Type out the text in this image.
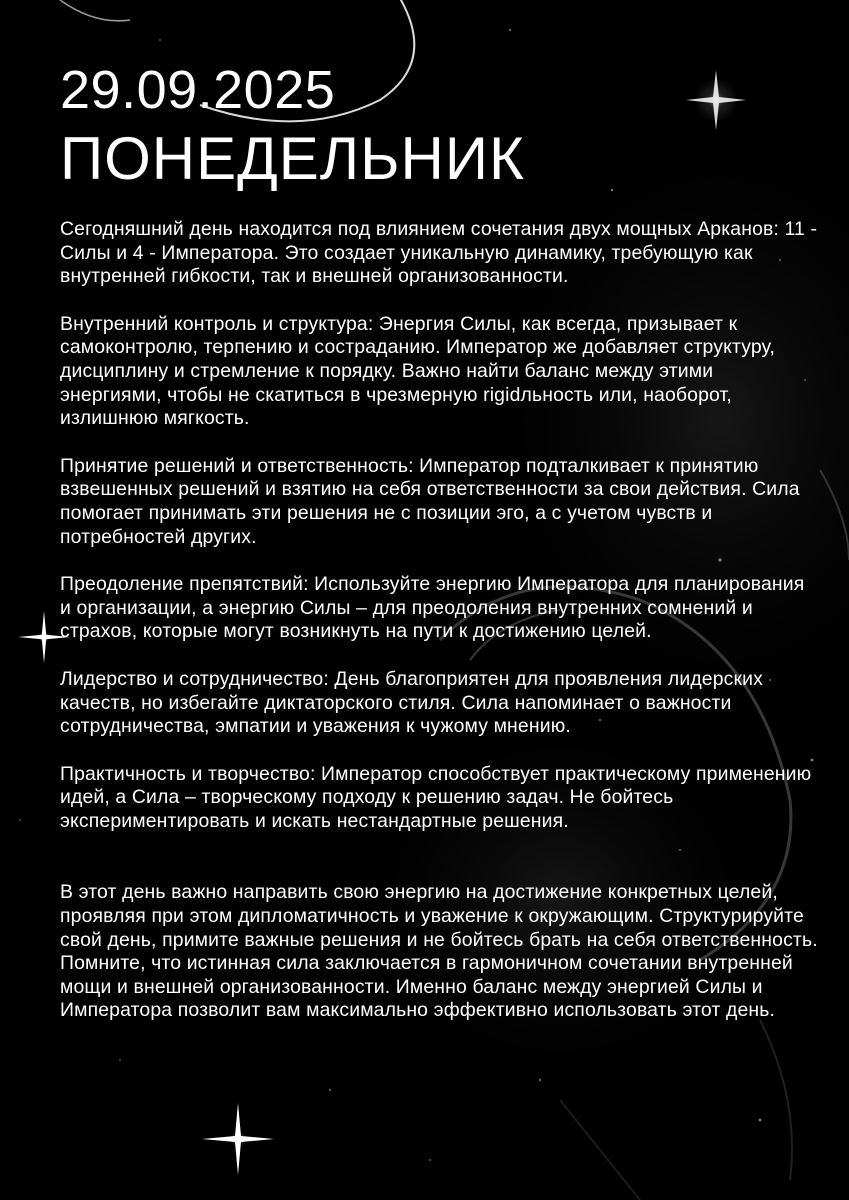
29.09.2025
ПОНЕДЕЛЬНИК

Сегодняшний день находится под влиянием сочетания двух мощных Арканов: 11 - Силы и 4 - Императора. Это создает уникальную динамику, требующую как внутренней гибкости, так и внешней организованности.

Внутренний контроль и структура: Энергия Силы, как всегда, призывает к самоконтролю, терпению и состраданию. Император же добавляет структуру, дисциплину и стремление к порядку. Важно найти баланс между этими энергиями, чтобы не скатиться в чрезмерную rigidльность или, наоборот, излишнюю мягкость.

Принятие решений и ответственность: Император подталкивает к принятию взвешенных решений и взятию на себя ответственности за свои действия. Сила помогает принимать эти решения не с позиции эго, а с учетом чувств и потребностей других.

Преодоление препятствий: Используйте энергию Императора для планирования и организации, а энергию Силы – для преодоления внутренних сомнений и страхов, которые могут возникнуть на пути к достижению целей.

Лидерство и сотрудничество: День благоприятен для проявления лидерских качеств, но избегайте диктаторского стиля. Сила напоминает о важности сотрудничества, эмпатии и уважения к чужому мнению.

Практичность и творчество: Император способствует практическому применению идей, а Сила – творческому подходу к решению задач. Не бойтесь экспериментировать и искать нестандартные решения.

В этот день важно направить свою энергию на достижение конкретных целей, проявляя при этом дипломатичность и уважение к окружающим. Структурируйте свой день, примите важные решения и не бойтесь брать на себя ответственность. Помните, что истинная сила заключается в гармоничном сочетании внутренней мощи и внешней организованности. Именно баланс между энергией Силы и Императора позволит вам максимально эффективно использовать этот день.
